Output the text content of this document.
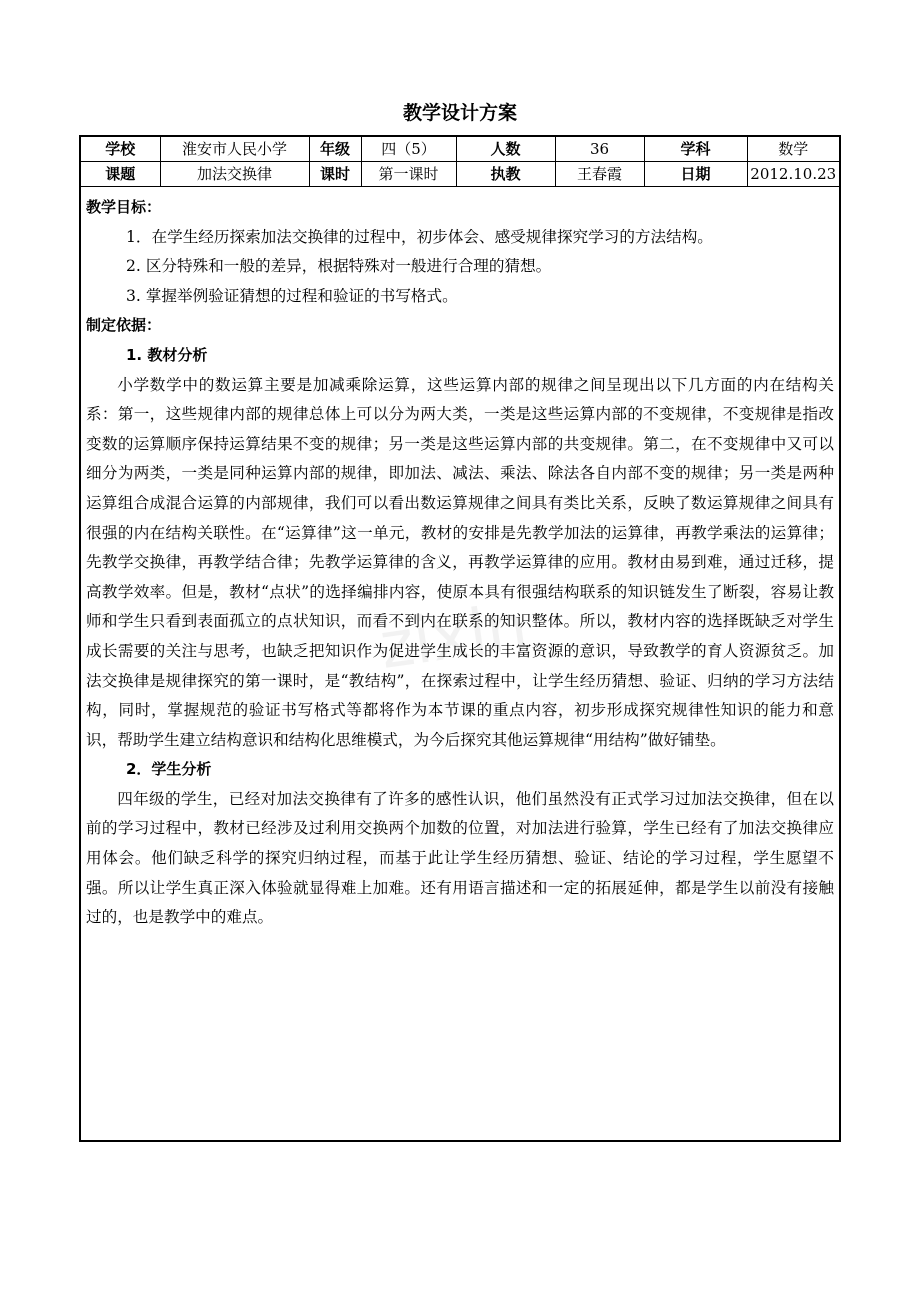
教学设计方案
学校	淮安市人民小学	年级	四（5）	人数	36	学科	数学
课题	加法交换律	课时	第一课时	执教	王春霞	日期	2012.10.23

教学目标：

1．在学生经历探索加法交换律的过程中，初步体会、感受规律探究学习的方法结构。

2. 区分特殊和一般的差异，根据特殊对一般进行合理的猜想。

3. 掌握举例验证猜想的过程和验证的书写格式。

制定依据：

1. 教材分析

小学数学中的数运算主要是加减乘除运算，这些运算内部的规律之间呈现出以下几方面的内在结构关系：第一，这些规律内部的规律总体上可以分为两大类，一类是这些运算内部的不变规律，不变规律是指改变数的运算顺序保持运算结果不变的规律；另一类是这些运算内部的共变规律。第二，在不变规律中又可以细分为两类，一类是同种运算内部的规律，即加法、减法、乘法、除法各自内部不变的规律；另一类是两种运算组合成混合运算的内部规律，我们可以看出数运算规律之间具有类比关系，反映了数运算规律之间具有很强的内在结构关联性。在“运算律”这一单元，教材的安排是先教学加法的运算律，再教学乘法的运算律；先教学交换律，再教学结合律；先教学运算律的含义，再教学运算律的应用。教材由易到难，通过迁移，提高教学效率。但是，教材“点状”的选择编排内容，使原本具有很强结构联系的知识链发生了断裂，容易让教师和学生只看到表面孤立的点状知识，而看不到内在联系的知识整体。所以，教材内容的选择既缺乏对学生成长需要的关注与思考，也缺乏把知识作为促进学生成长的丰富资源的意识，导致教学的育人资源贫乏。加法交换律是规律探究的第一课时，是“教结构”，在探索过程中，让学生经历猜想、验证、归纳的学习方法结构，同时，掌握规范的验证书写格式等都将作为本节课的重点内容，初步形成探究规律性知识的能力和意识，帮助学生建立结构意识和结构化思维模式，为今后探究其他运算规律“用结构”做好铺垫。

2．学生分析

四年级的学生，已经对加法交换律有了许多的感性认识，他们虽然没有正式学习过加法交换律，但在以前的学习过程中，教材已经涉及过利用交换两个加数的位置，对加法进行验算，学生已经有了加法交换律应用体会。他们缺乏科学的探究归纳过程，而基于此让学生经历猜想、验证、结论的学习过程，学生愿望不强。所以让学生真正深入体验就显得难上加难。还有用语言描述和一定的拓展延伸，都是学生以前没有接触过的，也是教学中的难点。

zixin
